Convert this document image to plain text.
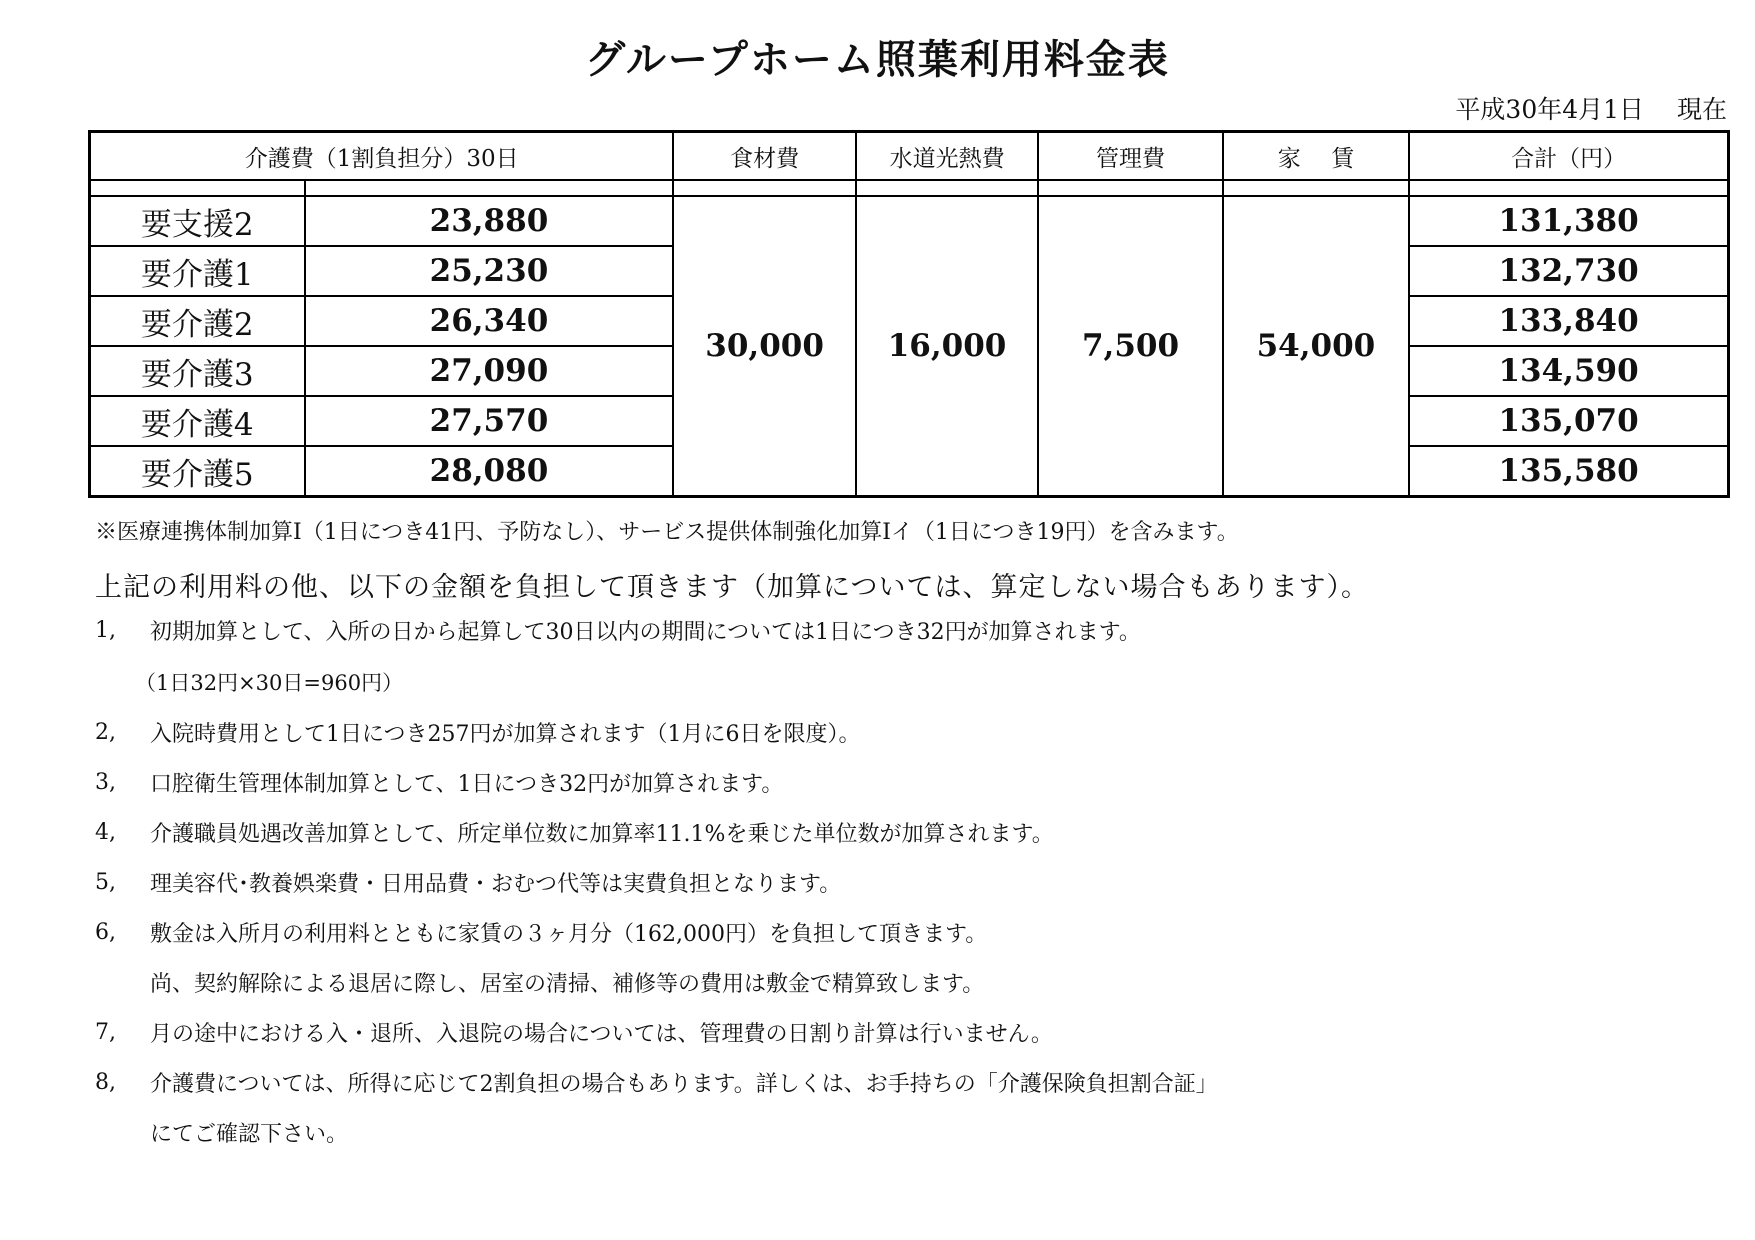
グループホーム照葉利用料金表
平成30年4月1日　 現在
介護費（1割負担分）30日		食材費	水道光熱費	管理費	家　 賃	合計（円）

要支援2	23,880	30,000	16,000	7,500	54,000	131,380
要介護1	25,230					132,730
要介護2	26,340					133,840
要介護3	27,090					134,590
要介護4	27,570					135,070
要介護5	28,080					135,580
※医療連携体制加算Ⅰ（1日につき41円、予防なし）、サービス提供体制強化加算Ⅰイ（1日につき19円）を含みます。
上記の利用料の他、以下の金額を負担して頂きます（加算については、算定しない場合もあります）。
1,	初期加算として、入所の日から起算して30日以内の期間については1日につき32円が加算されます。
（1日32円×30日=960円）
2,	入院時費用として1日につき257円が加算されます（1月に6日を限度）。
3,	口腔衛生管理体制加算として、1日につき32円が加算されます。
4,	介護職員処遇改善加算として、所定単位数に加算率11.1%を乗じた単位数が加算されます。
5,	理美容代･教養娯楽費・日用品費・おむつ代等は実費負担となります。
6,	敷金は入所月の利用料とともに家賃の３ヶ月分（162,000円）を負担して頂きます。
尚、契約解除による退居に際し、居室の清掃、補修等の費用は敷金で精算致します。
7,	月の途中における入・退所、入退院の場合については、管理費の日割り計算は行いません。
8,	介護費については、所得に応じて2割負担の場合もあります。詳しくは、お手持ちの「介護保険負担割合証」
にてご確認下さい。
